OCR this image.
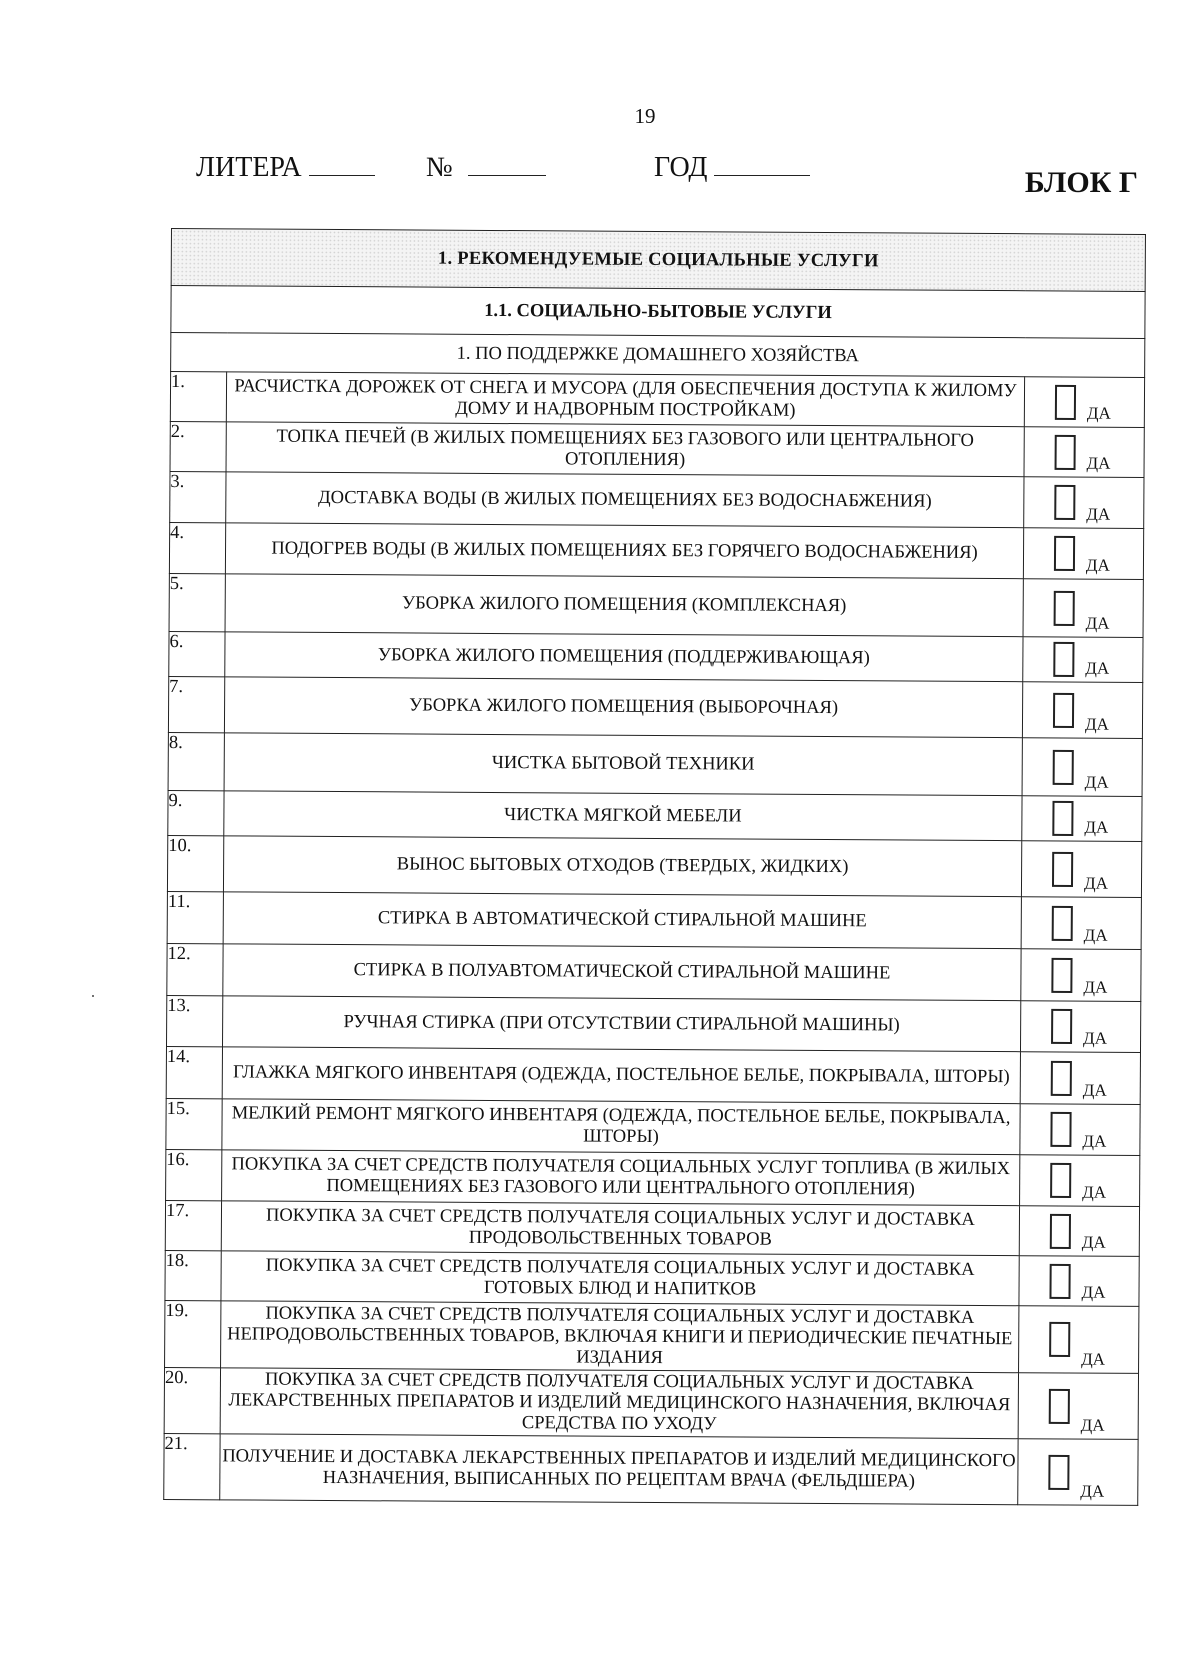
19
ЛИТЕРА	№	ГОД	БЛОК Г
1. РЕКОМЕНДУЕМЫЕ СОЦИАЛЬНЫЕ УСЛУГИ		
1.1. СОЦИАЛЬНО-БЫТОВЫЕ УСЛУГИ		
1. ПО ПОДДЕРЖКЕ ДОМАШНЕГО ХОЗЯЙСТВА		
1.	РАСЧИСТКА ДОРОЖЕК ОТ СНЕГА И МУСОРА (ДЛЯ ОБЕСПЕЧЕНИЯ ДОСТУПА К ЖИЛОМУ ДОМУ И НАДВОРНЫМ ПОСТРОЙКАМ)	ДА

2.	ТОПКА ПЕЧЕЙ (В ЖИЛЫХ ПОМЕЩЕНИЯХ БЕЗ ГАЗОВОГО ИЛИ ЦЕНТРАЛЬНОГО ОТОПЛЕНИЯ)	ДА

3.	ДОСТАВКА ВОДЫ (В ЖИЛЫХ ПОМЕЩЕНИЯХ БЕЗ ВОДОСНАБЖЕНИЯ)	ДА

4.	ПОДОГРЕВ ВОДЫ (В ЖИЛЫХ ПОМЕЩЕНИЯХ БЕЗ ГОРЯЧЕГО ВОДОСНАБЖЕНИЯ)	ДА

5.	УБОРКА ЖИЛОГО ПОМЕЩЕНИЯ (КОМПЛЕКСНАЯ)	ДА

6.	УБОРКА ЖИЛОГО ПОМЕЩЕНИЯ (ПОДДЕРЖИВАЮЩАЯ)	ДА

7.	УБОРКА ЖИЛОГО ПОМЕЩЕНИЯ (ВЫБОРОЧНАЯ)	ДА

8.	ЧИСТКА БЫТОВОЙ ТЕХНИКИ	ДА

9.	ЧИСТКА МЯГКОЙ МЕБЕЛИ	ДА

10.	ВЫНОС БЫТОВЫХ ОТХОДОВ (ТВЕРДЫХ, ЖИДКИХ)	ДА

11.	СТИРКА В АВТОМАТИЧЕСКОЙ СТИРАЛЬНОЙ МАШИНЕ	ДА

12.	СТИРКА В ПОЛУАВТОМАТИЧЕСКОЙ СТИРАЛЬНОЙ МАШИНЕ	ДА

13.	РУЧНАЯ СТИРКА (ПРИ ОТСУТСТВИИ СТИРАЛЬНОЙ МАШИНЫ)	ДА

14.	ГЛАЖКА МЯГКОГО ИНВЕНТАРЯ (ОДЕЖДА, ПОСТЕЛЬНОЕ БЕЛЬЕ, ПОКРЫВАЛА, ШТОРЫ)	ДА

15.	МЕЛКИЙ РЕМОНТ МЯГКОГО ИНВЕНТАРЯ (ОДЕЖДА, ПОСТЕЛЬНОЕ БЕЛЬЕ, ПОКРЫВАЛА, ШТОРЫ)	ДА

16.	ПОКУПКА ЗА СЧЕТ СРЕДСТВ ПОЛУЧАТЕЛЯ СОЦИАЛЬНЫХ УСЛУГ ТОПЛИВА (В ЖИЛЫХ ПОМЕЩЕНИЯХ БЕЗ ГАЗОВОГО ИЛИ ЦЕНТРАЛЬНОГО ОТОПЛЕНИЯ)	ДА

17.	ПОКУПКА ЗА СЧЕТ СРЕДСТВ ПОЛУЧАТЕЛЯ СОЦИАЛЬНЫХ УСЛУГ И ДОСТАВКА ПРОДОВОЛЬСТВЕННЫХ ТОВАРОВ	ДА

18.	ПОКУПКА ЗА СЧЕТ СРЕДСТВ ПОЛУЧАТЕЛЯ СОЦИАЛЬНЫХ УСЛУГ И ДОСТАВКА ГОТОВЫХ БЛЮД И НАПИТКОВ	ДА

19.	ПОКУПКА ЗА СЧЕТ СРЕДСТВ ПОЛУЧАТЕЛЯ СОЦИАЛЬНЫХ УСЛУГ И ДОСТАВКА НЕПРОДОВОЛЬСТВЕННЫХ ТОВАРОВ, ВКЛЮЧАЯ КНИГИ И ПЕРИОДИЧЕСКИЕ ПЕЧАТНЫЕ ИЗДАНИЯ	ДА

20.	ПОКУПКА ЗА СЧЕТ СРЕДСТВ ПОЛУЧАТЕЛЯ СОЦИАЛЬНЫХ УСЛУГ И ДОСТАВКА ЛЕКАРСТВЕННЫХ ПРЕПАРАТОВ И ИЗДЕЛИЙ МЕДИЦИНСКОГО НАЗНАЧЕНИЯ, ВКЛЮЧАЯ СРЕДСТВА ПО УХОДУ	ДА

21.	ПОЛУЧЕНИЕ И ДОСТАВКА ЛЕКАРСТВЕННЫХ ПРЕПАРАТОВ И ИЗДЕЛИЙ МЕДИЦИНСКОГО НАЗНАЧЕНИЯ, ВЫПИСАННЫХ ПО РЕЦЕПТАМ ВРАЧА (ФЕЛЬДШЕРА)	ДА
